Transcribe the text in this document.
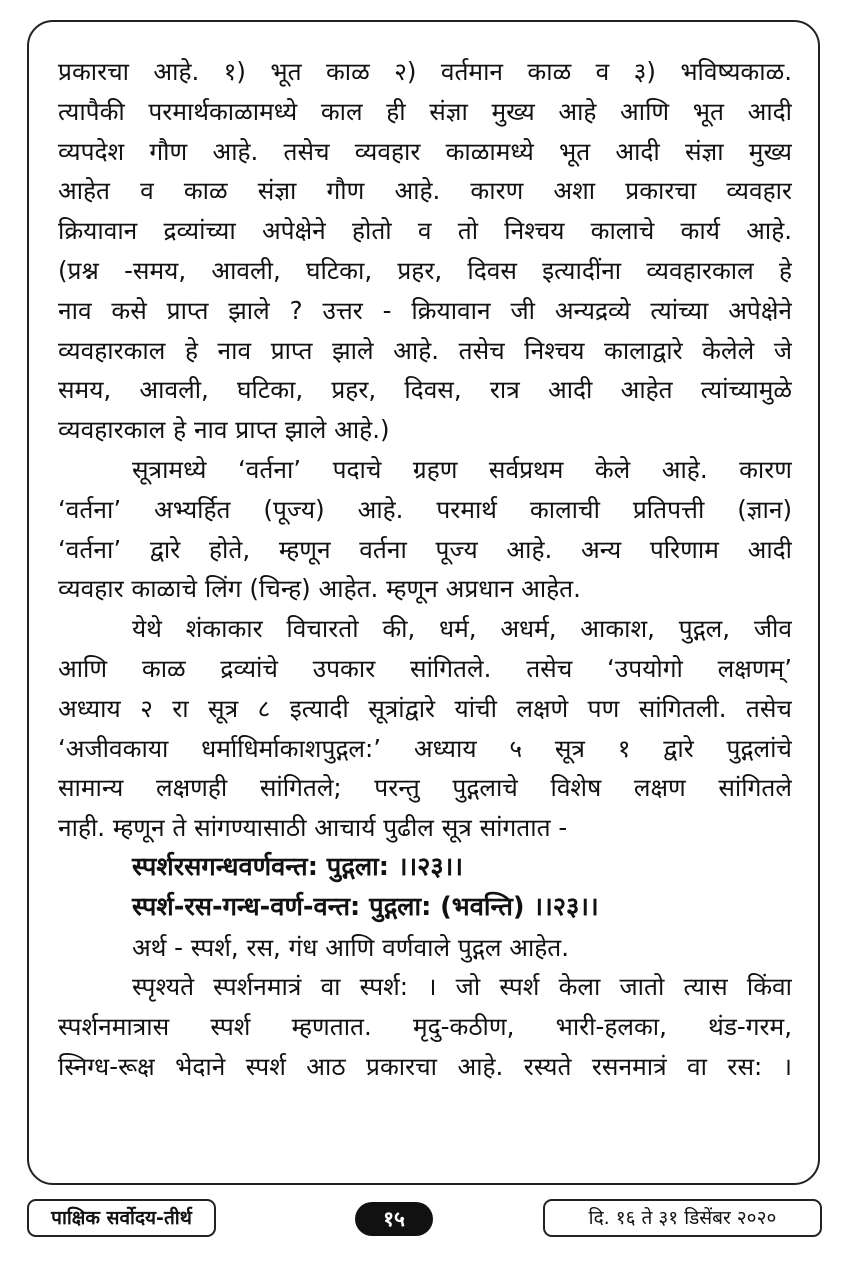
प्रकारचा आहे. १) भूत काळ २) वर्तमान काळ व ३) भविष्यकाळ.
त्यापैकी परमार्थकाळामध्ये काल ही संज्ञा मुख्य आहे आणि भूत आदी
व्यपदेश गौण आहे. तसेच व्यवहार काळामध्ये भूत आदी संज्ञा मुख्य
आहेत व काळ संज्ञा गौण आहे. कारण अशा प्रकारचा व्यवहार
क्रियावान द्रव्यांच्या अपेक्षेने होतो व तो निश्चय कालाचे कार्य आहे.
(प्रश्न -समय, आवली, घटिका, प्रहर, दिवस इत्यादींना व्यवहारकाल हे
नाव कसे प्राप्त झाले ? उत्तर - क्रियावान जी अन्यद्रव्ये त्यांच्या अपेक्षेने
व्यवहारकाल हे नाव प्राप्त झाले आहे. तसेच निश्चय कालाद्वारे केलेले जे
समय, आवली, घटिका, प्रहर, दिवस, रात्र आदी आहेत त्यांच्यामुळे
व्यवहारकाल हे नाव प्राप्त झाले आहे.)
सूत्रामध्ये ‘वर्तना’ पदाचे ग्रहण सर्वप्रथम केले आहे. कारण
‘वर्तना’ अभ्यर्हित (पूज्य) आहे. परमार्थ कालाची प्रतिपत्ती (ज्ञान)
‘वर्तना’ द्वारे होते, म्हणून वर्तना पूज्य आहे. अन्य परिणाम आदी
व्यवहार काळाचे लिंग (चिन्ह) आहेत. म्हणून अप्रधान आहेत.
येथे शंकाकार विचारतो की, धर्म, अधर्म, आकाश, पुद्गल, जीव
आणि काळ द्रव्यांचे उपकार सांगितले. तसेच ‘उपयोगो लक्षणम्’
अध्याय २ रा सूत्र ८ इत्यादी सूत्रांद्वारे यांची लक्षणे पण सांगितली. तसेच
‘अजीवकाया धर्माधिर्माकाशपुद्गल:’ अध्याय ५ सूत्र १ द्वारे पुद्गलांचे
सामान्य लक्षणही सांगितले; परन्तु पुद्गलाचे विशेष लक्षण सांगितले
नाही. म्हणून ते सांगण्यासाठी आचार्य पुढील सूत्र सांगतात -
स्पर्शरसगन्धवर्णवन्त: पुद्गला: ।।२३।।
स्पर्श-रस-गन्ध-वर्ण-वन्त: पुद्गला: (भवन्ति) ।।२३।।
अर्थ - स्पर्श, रस, गंध आणि वर्णवाले पुद्गल आहेत.
स्पृश्यते स्पर्शनमात्रं वा स्पर्श: । जो स्पर्श केला जातो त्यास किंवा
स्पर्शनमात्रास स्पर्श म्हणतात. मृदु-कठीण, भारी-हलका, थंड-गरम,
स्निग्ध-रूक्ष भेदाने स्पर्श आठ प्रकारचा आहे. रस्यते रसनमात्रं वा रस: ।
पाक्षिक सर्वोदय-तीर्थ	१५	दि. १६ ते ३१ डिसेंबर २०२०
